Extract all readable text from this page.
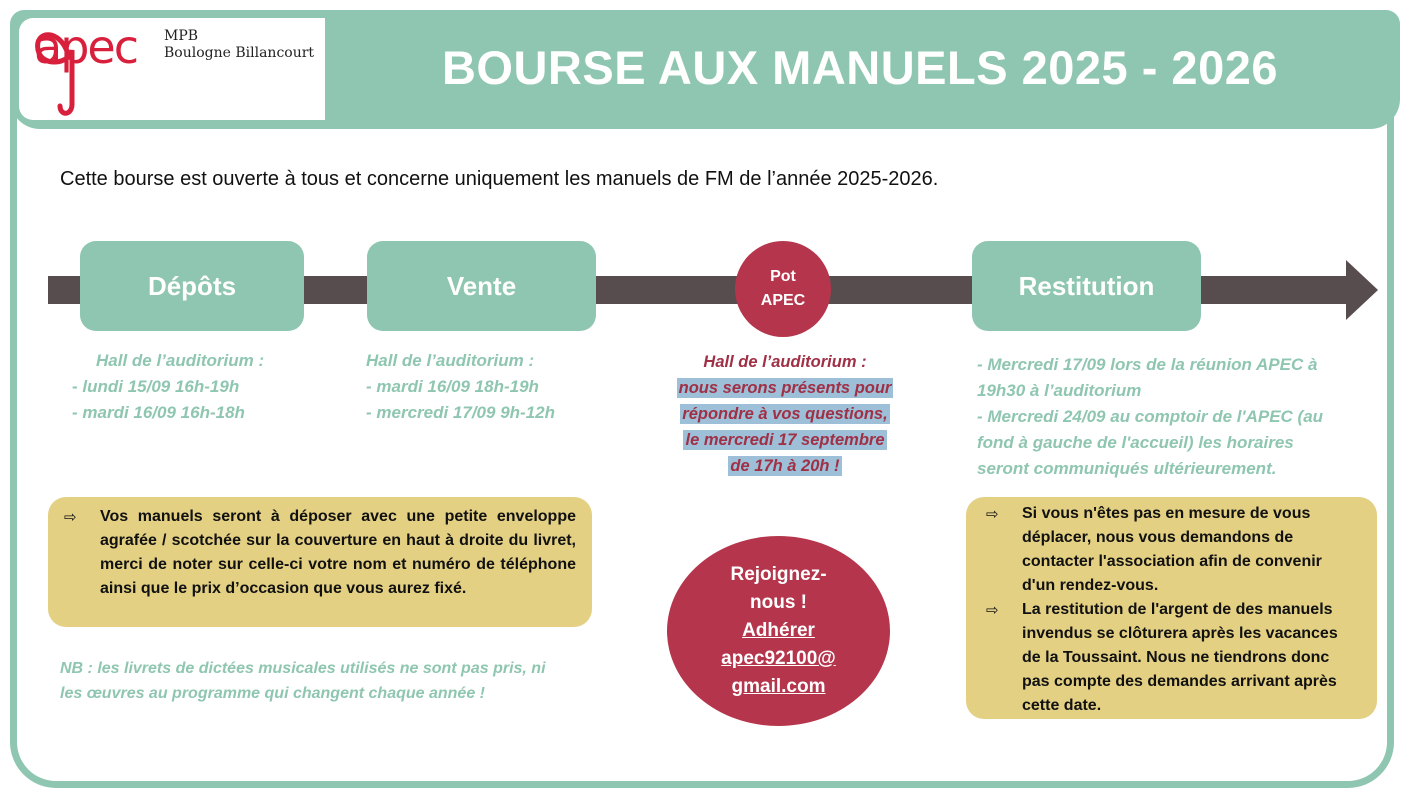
apec MPB
Boulogne Billancourt	BOURSE AUX MANUELS 2025 - 2026
Cette bourse est ouverte à tous et concerne uniquement les manuels de FM de l’année 2025-2026.
Dépôts	Vente	Pot
APEC	Restitution
Hall de l’auditorium :
- lundi 15/09 16h-19h
- mardi 16/09 16h-18h
Hall de l’auditorium :
- mardi 16/09 18h-19h
- mercredi 17/09 9h-12h
Hall de l’auditorium :
nous serons présents pour
répondre à vos questions,
le mercredi 17 septembre
de 17h à 20h !
- Mercredi 17/09 lors de la réunion APEC à
19h30 à l’auditorium
- Mercredi 24/09 au comptoir de l'APEC (au
fond à gauche de l'accueil) les horaires
seront communiqués ultérieurement.
⇨	Vos manuels seront à déposer avec une petite enveloppe agrafée / scotchée sur la couverture en haut à droite du livret, merci de noter sur celle-ci votre nom et numéro de téléphone ainsi que le prix d’occasion que vous aurez fixé.
Rejoignez-
nous !
Adhérer
apec92100@
gmail.com
⇨	Si vous n'êtes pas en mesure de vous déplacer, nous vous demandons de contacter l'association afin de convenir d'un rendez-vous.
⇨	La restitution de l'argent de des manuels invendus se clôturera après les vacances de la Toussaint. Nous ne tiendrons donc pas compte des demandes arrivant après cette date.
NB : les livrets de dictées musicales utilisés ne sont pas pris, ni
les œuvres au programme qui changent chaque année !
